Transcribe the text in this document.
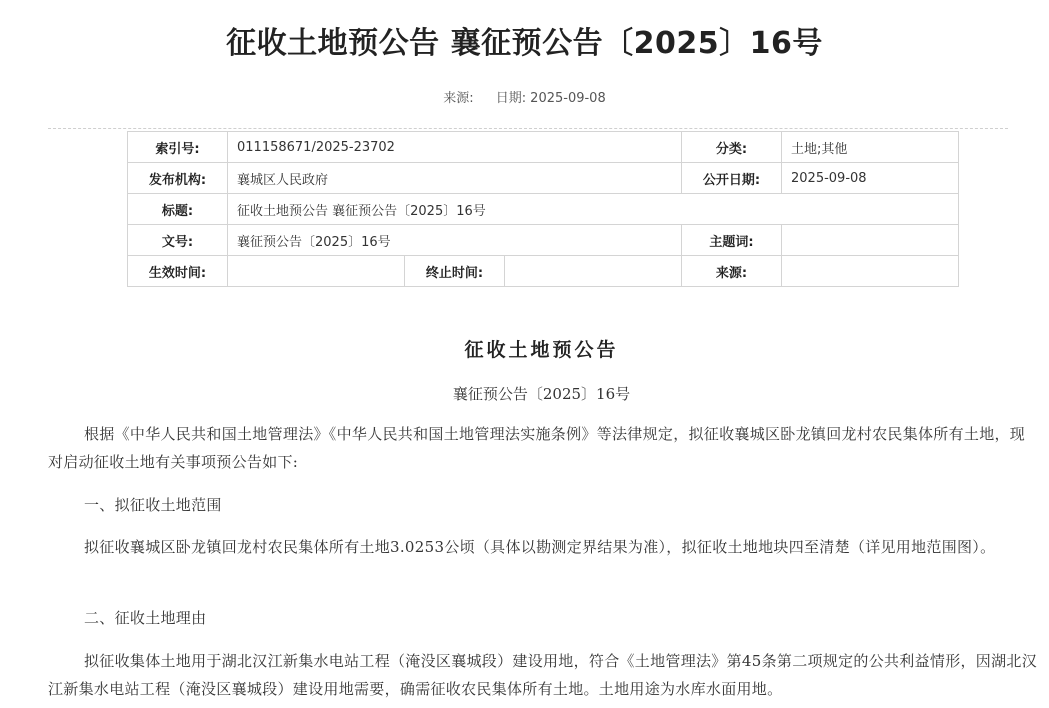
征收土地预公告 襄征预公告〔2025〕16号
来源: 日期: 2025-09-08
索引号:	011158671/2025-23702			分类:	土地;其他
发布机构:	襄城区人民政府			公开日期:	2025-09-08
标题:	征收土地预公告 襄征预公告〔2025〕16号				
文号:	襄征预公告〔2025〕16号			主题词:	
生效时间:		终止时间:		来源:	
征收土地预公告
襄征预公告〔2025〕16号

根据《中华人民共和国土地管理法》《中华人民共和国土地管理法实施条例》等法律规定，拟征收襄城区卧龙镇回龙村农民集体所有土地，现对启动征收土地有关事项预公告如下:

一、拟征收土地范围

拟征收襄城区卧龙镇回龙村农民集体所有土地3.0253公顷（具体以勘测定界结果为准），拟征收土地地块四至清楚（详见用地范围图）。

二、征收土地理由

拟征收集体土地用于湖北汉江新集水电站工程（淹没区襄城段）建设用地，符合《土地管理法》第45条第二项规定的公共利益情形，因湖北汉江新集水电站工程（淹没区襄城段）建设用地需要，确需征收农民集体所有土地。土地用途为水库水面用地。
